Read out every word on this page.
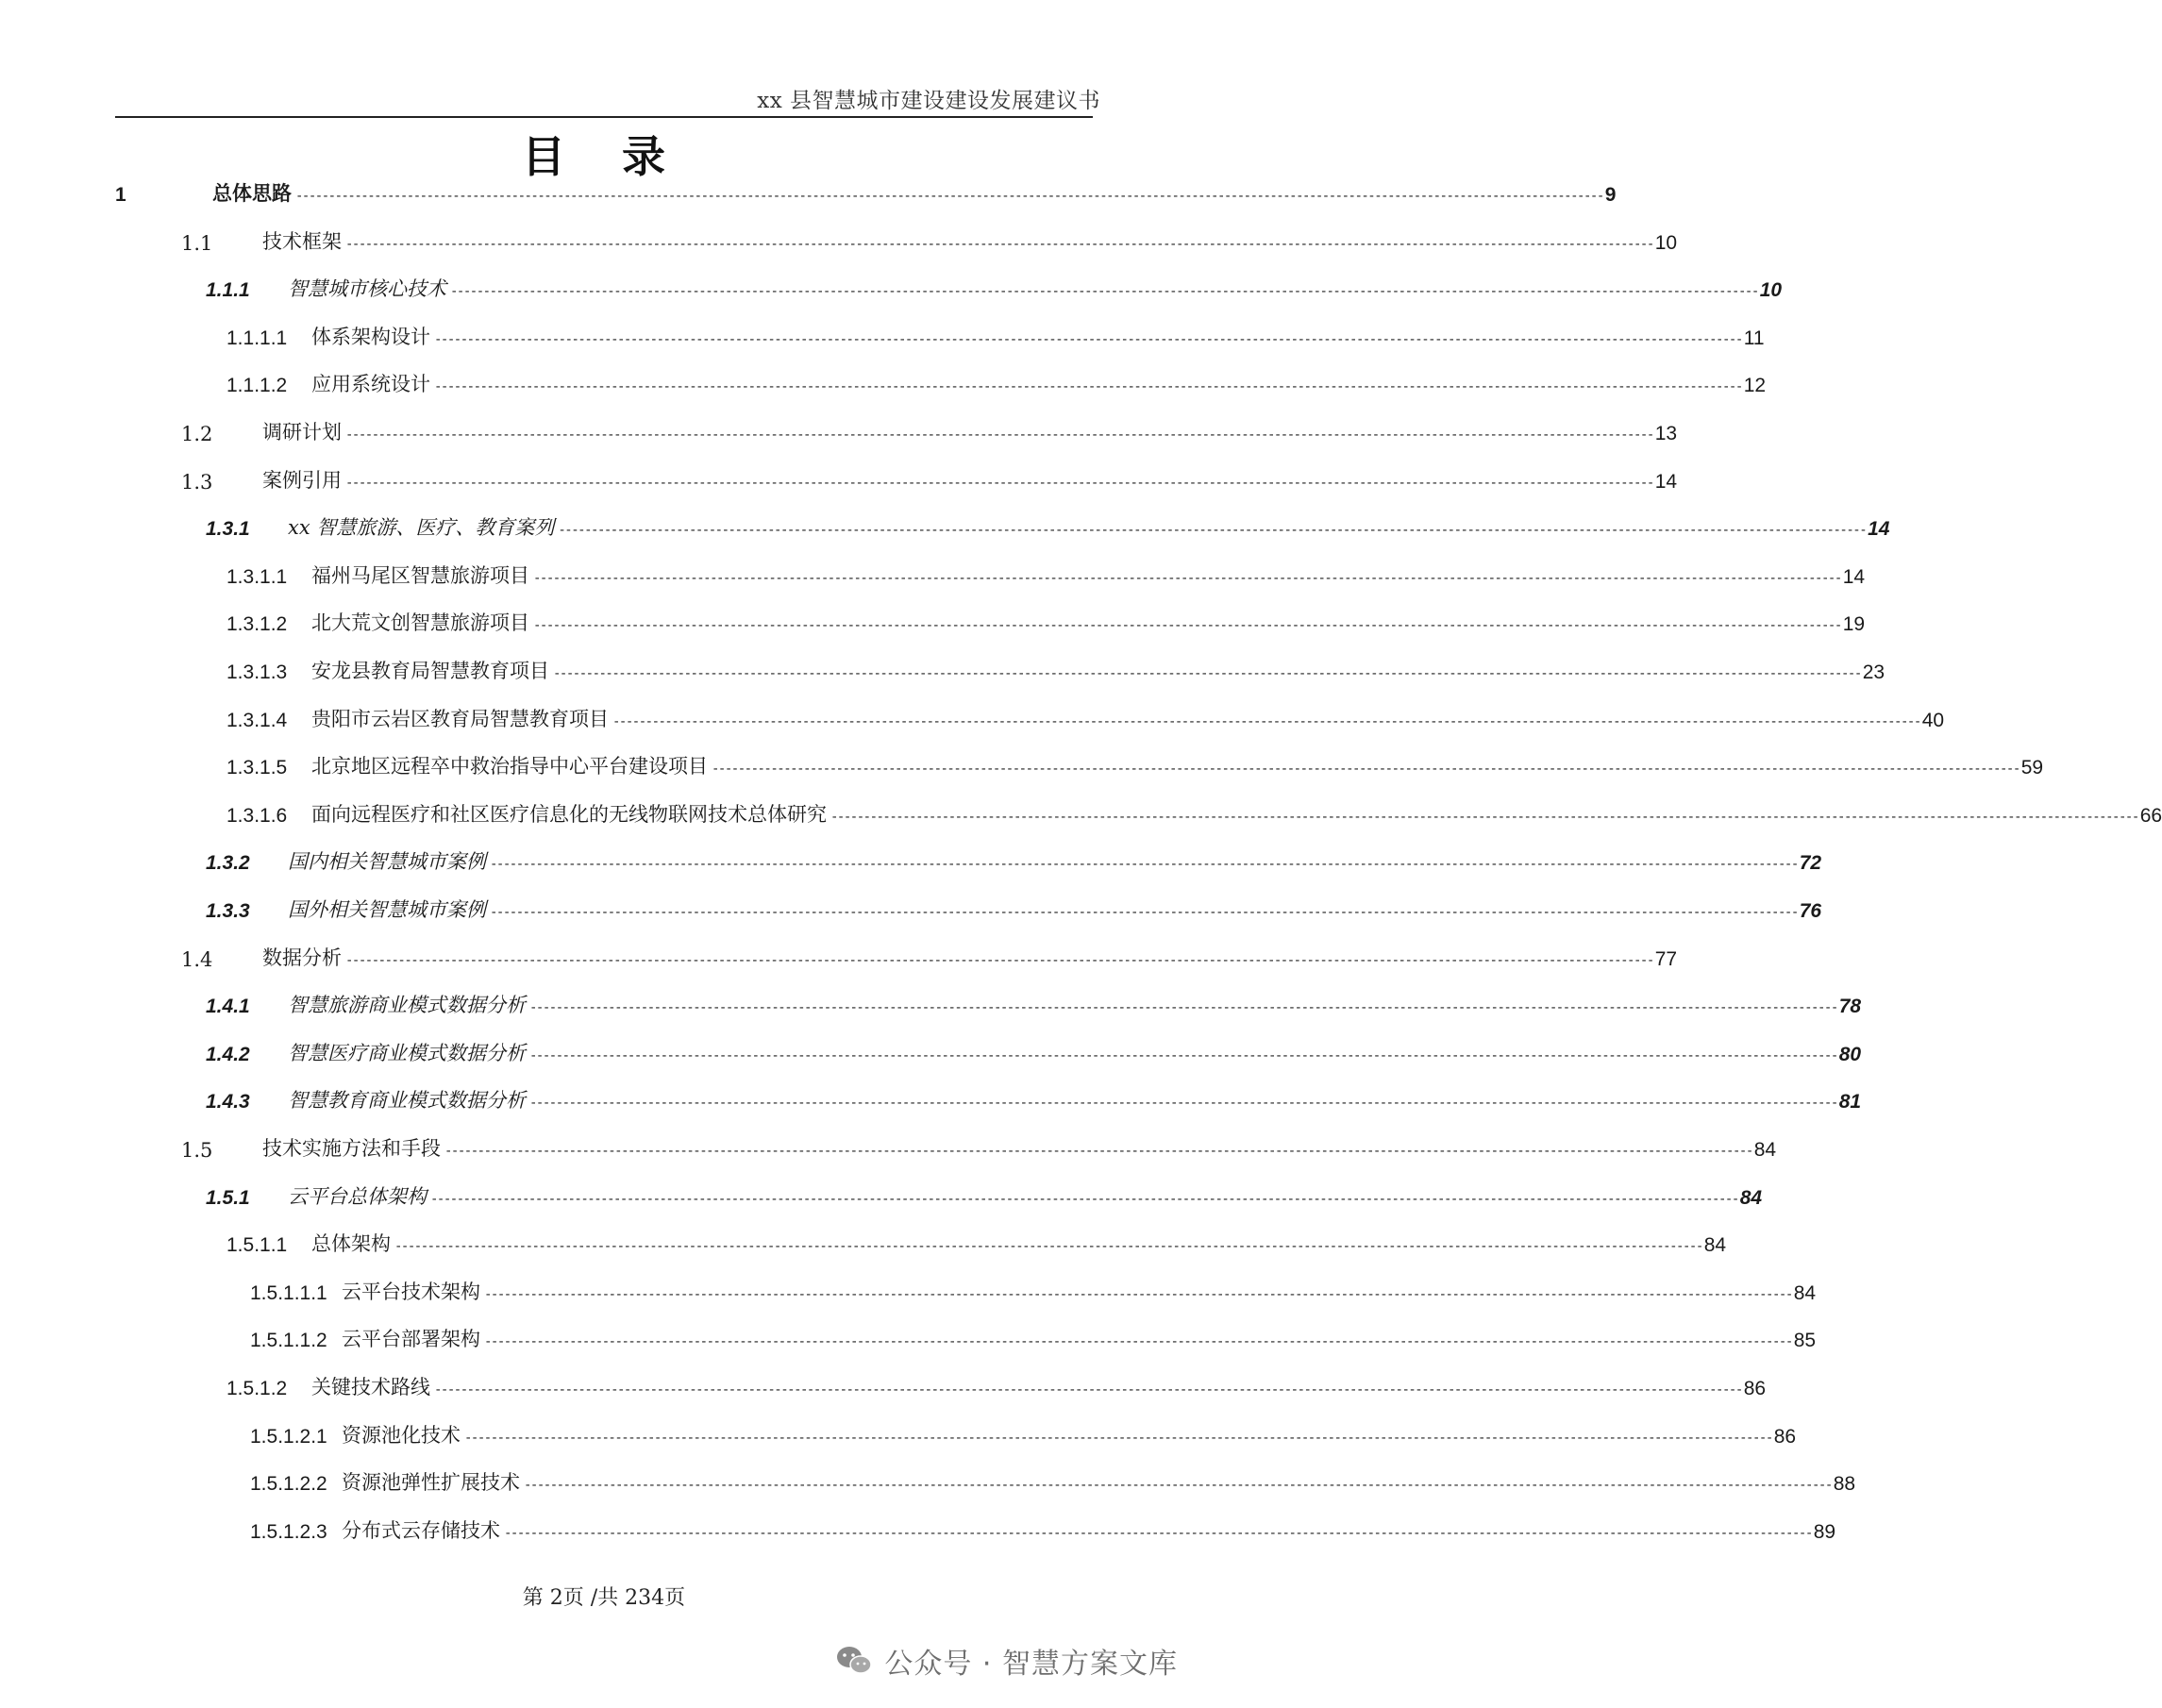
xx 县智慧城市建设建设发展建议书
目 录
1	总体思路 -------------------------------------------------------------------------------------------------------------------------------------------------------------------------------------------------------- 9
1.1	技术框架 -------------------------------------------------------------------------------------------------------------------------------------------------------------------------------------------------------- 10
1.1.1 智慧城市核心技术 -------------------------------------------------------------------------------------------------------------------------------------------------------------------------------------------------------- 10
1.1.1.1 体系架构设计 -------------------------------------------------------------------------------------------------------------------------------------------------------------------------------------------------------- 11
1.1.1.2 应用系统设计 -------------------------------------------------------------------------------------------------------------------------------------------------------------------------------------------------------- 12
1.2	调研计划 -------------------------------------------------------------------------------------------------------------------------------------------------------------------------------------------------------- 13
1.3	案例引用 -------------------------------------------------------------------------------------------------------------------------------------------------------------------------------------------------------- 14
1.3.1 xx 智慧旅游、医疗、教育案列 -------------------------------------------------------------------------------------------------------------------------------------------------------------------------------------------------------- 14
1.3.1.1 福州马尾区智慧旅游项目 -------------------------------------------------------------------------------------------------------------------------------------------------------------------------------------------------------- 14
1.3.1.2 北大荒文创智慧旅游项目 -------------------------------------------------------------------------------------------------------------------------------------------------------------------------------------------------------- 19
1.3.1.3 安龙县教育局智慧教育项目 -------------------------------------------------------------------------------------------------------------------------------------------------------------------------------------------------------- 23
1.3.1.4 贵阳市云岩区教育局智慧教育项目 -------------------------------------------------------------------------------------------------------------------------------------------------------------------------------------------------------- 40
1.3.1.5 北京地区远程卒中救治指导中心平台建设项目 -------------------------------------------------------------------------------------------------------------------------------------------------------------------------------------------------------- 59
1.3.1.6 面向远程医疗和社区医疗信息化的无线物联网技术总体研究 -------------------------------------------------------------------------------------------------------------------------------------------------------------------------------------------------------- 66
1.3.2 国内相关智慧城市案例 -------------------------------------------------------------------------------------------------------------------------------------------------------------------------------------------------------- 72
1.3.3 国外相关智慧城市案例 -------------------------------------------------------------------------------------------------------------------------------------------------------------------------------------------------------- 76
1.4	数据分析 -------------------------------------------------------------------------------------------------------------------------------------------------------------------------------------------------------- 77
1.4.1 智慧旅游商业模式数据分析 -------------------------------------------------------------------------------------------------------------------------------------------------------------------------------------------------------- 78
1.4.2 智慧医疗商业模式数据分析 -------------------------------------------------------------------------------------------------------------------------------------------------------------------------------------------------------- 80
1.4.3 智慧教育商业模式数据分析 -------------------------------------------------------------------------------------------------------------------------------------------------------------------------------------------------------- 81
1.5	技术实施方法和手段 -------------------------------------------------------------------------------------------------------------------------------------------------------------------------------------------------------- 84
1.5.1 云平台总体架构 -------------------------------------------------------------------------------------------------------------------------------------------------------------------------------------------------------- 84
1.5.1.1 总体架构 -------------------------------------------------------------------------------------------------------------------------------------------------------------------------------------------------------- 84
1.5.1.1.1 云平台技术架构 -------------------------------------------------------------------------------------------------------------------------------------------------------------------------------------------------------- 84
1.5.1.1.2 云平台部署架构 -------------------------------------------------------------------------------------------------------------------------------------------------------------------------------------------------------- 85
1.5.1.2 关键技术路线 -------------------------------------------------------------------------------------------------------------------------------------------------------------------------------------------------------- 86
1.5.1.2.1 资源池化技术 -------------------------------------------------------------------------------------------------------------------------------------------------------------------------------------------------------- 86
1.5.1.2.2 资源池弹性扩展技术 -------------------------------------------------------------------------------------------------------------------------------------------------------------------------------------------------------- 88
1.5.1.2.3 分布式云存储技术 -------------------------------------------------------------------------------------------------------------------------------------------------------------------------------------------------------- 89
第 2页 /共 234页
公众号 · 智慧方案文库
